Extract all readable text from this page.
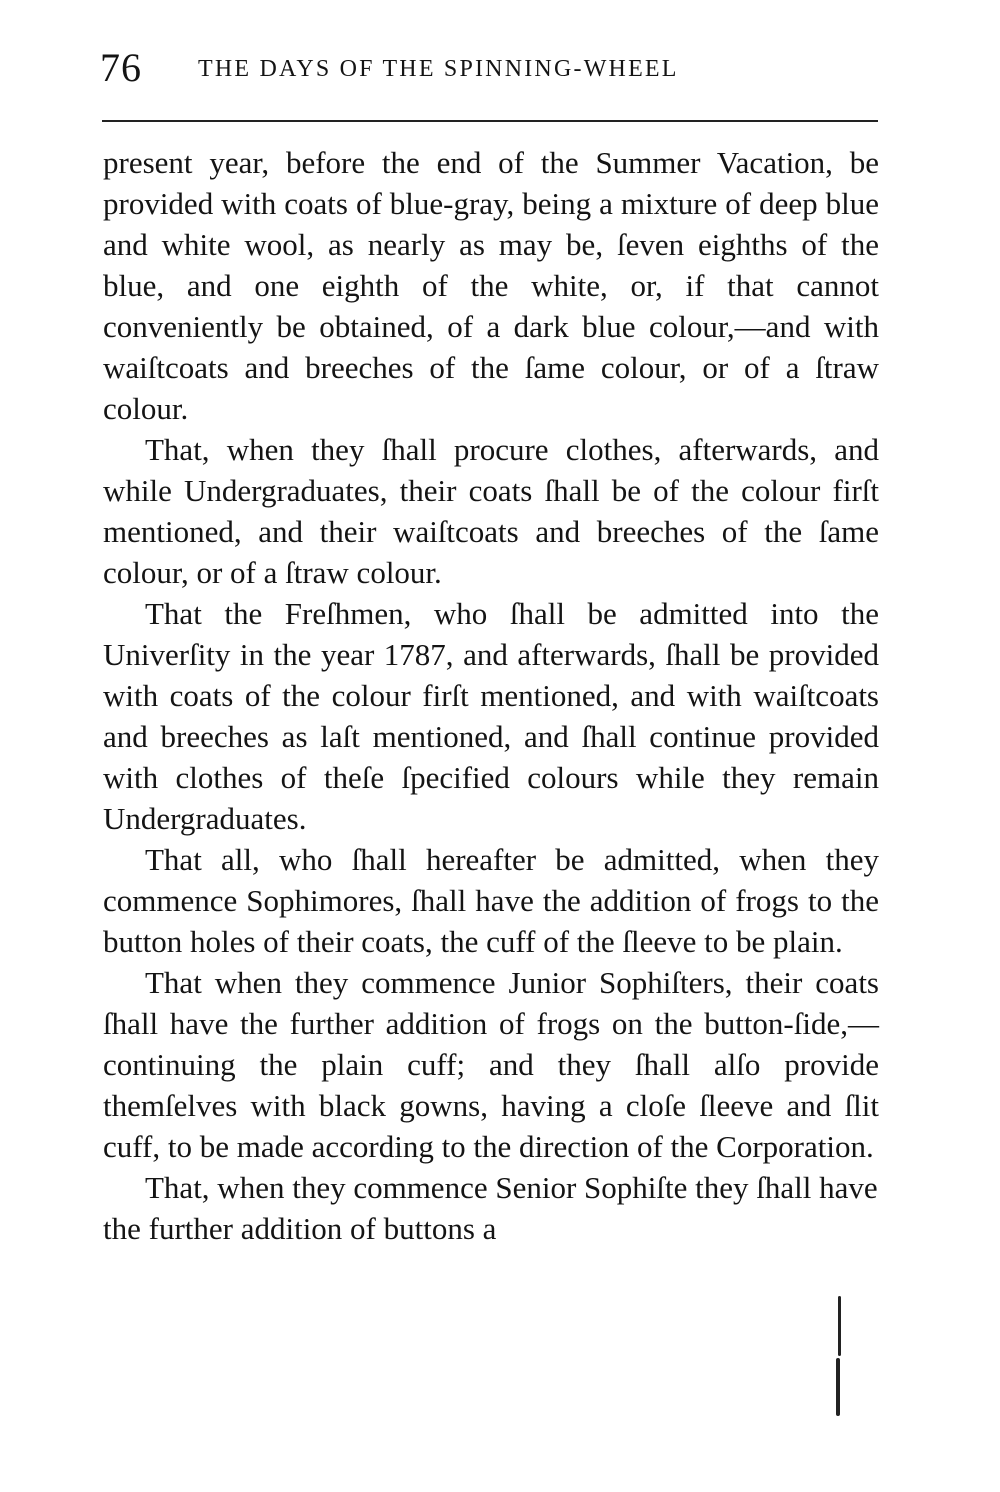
76 THE DAYS OF THE SPINNING-WHEEL

present year, before the end of the Summer Vacation, be provided with coats of blue-gray, being a mixture of deep blue and white wool, as nearly as may be, ſeven eighths of the blue, and one eighth of the white, or, if that cannot conveniently be obtained, of a dark blue colour,—and with waiſtcoats and breeches of the ſame colour, or of a ſtraw colour.

That, when they ſhall procure clothes, afterwards, and while Undergraduates, their coats ſhall be of the colour firſt mentioned, and their waiſtcoats and breeches of the ſame colour, or of a ſtraw colour.

That the Freſhmen, who ſhall be admitted into the Univerſity in the year 1787, and afterwards, ſhall be provided with coats of the colour firſt mentioned, and with waiſtcoats and breeches as laſt mentioned, and ſhall continue provided with clothes of theſe ſpecified colours while they remain Undergraduates.

That all, who ſhall hereafter be admitted, when they commence Sophimores, ſhall have the addition of frogs to the button holes of their coats, the cuff of the ſleeve to be plain.

That when they commence Junior Sophiſters, their coats ſhall have the further addition of frogs on the button-ſide,—continuing the plain cuff; and they ſhall alſo provide themſelves with black gowns, having a cloſe ſleeve and ſlit cuff, to be made according to the direction of the Corporation.

That, when they commence Senior Sophiſte they ſhall have the further addition of buttons a
